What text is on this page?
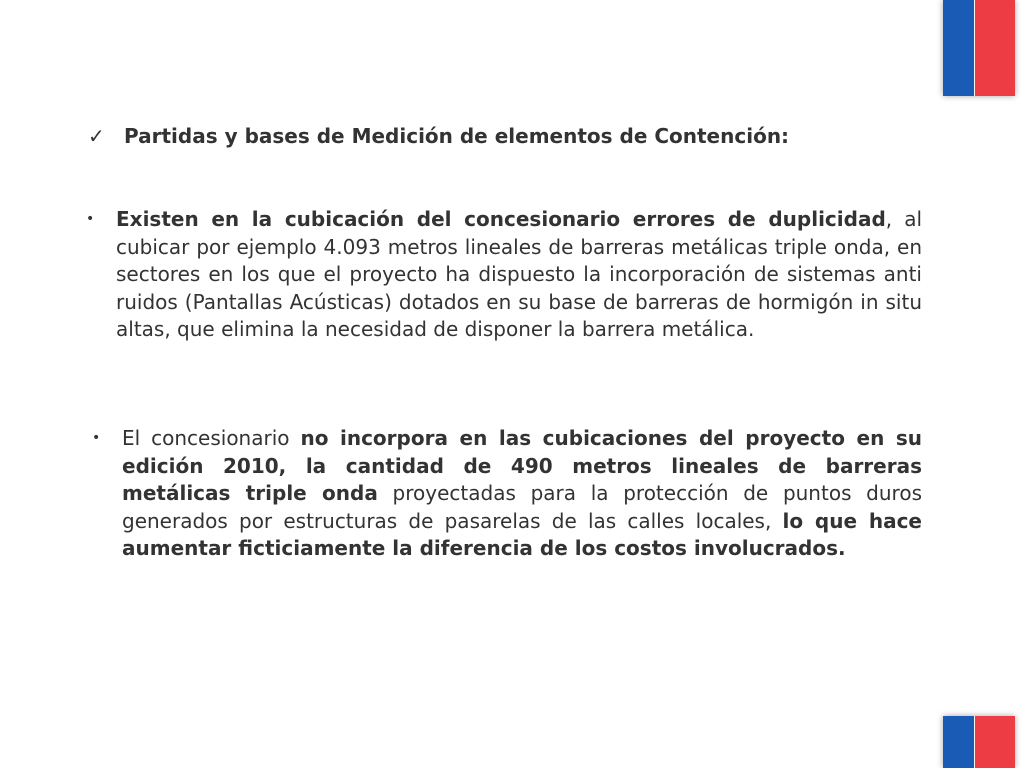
✓ Partidas y bases de Medición de elementos de Contención:
• Existen en la cubicación del concesionario errores de duplicidad, al cubicar por ejemplo 4.093 metros lineales de barreras metálicas triple onda, en sectores en los que el proyecto ha dispuesto la incorporación de sistemas anti ruidos (Pantallas Acústicas) dotados en su base de barreras de hormigón in situ altas, que elimina la necesidad de disponer la barrera metálica.
• El concesionario no incorpora en las cubicaciones del proyecto en su edición 2010, la cantidad de 490 metros lineales de barreras metálicas triple onda proyectadas para la protección de puntos duros generados por estructuras de pasarelas de las calles locales, lo que hace aumentar ficticiamente la diferencia de los costos involucrados.
